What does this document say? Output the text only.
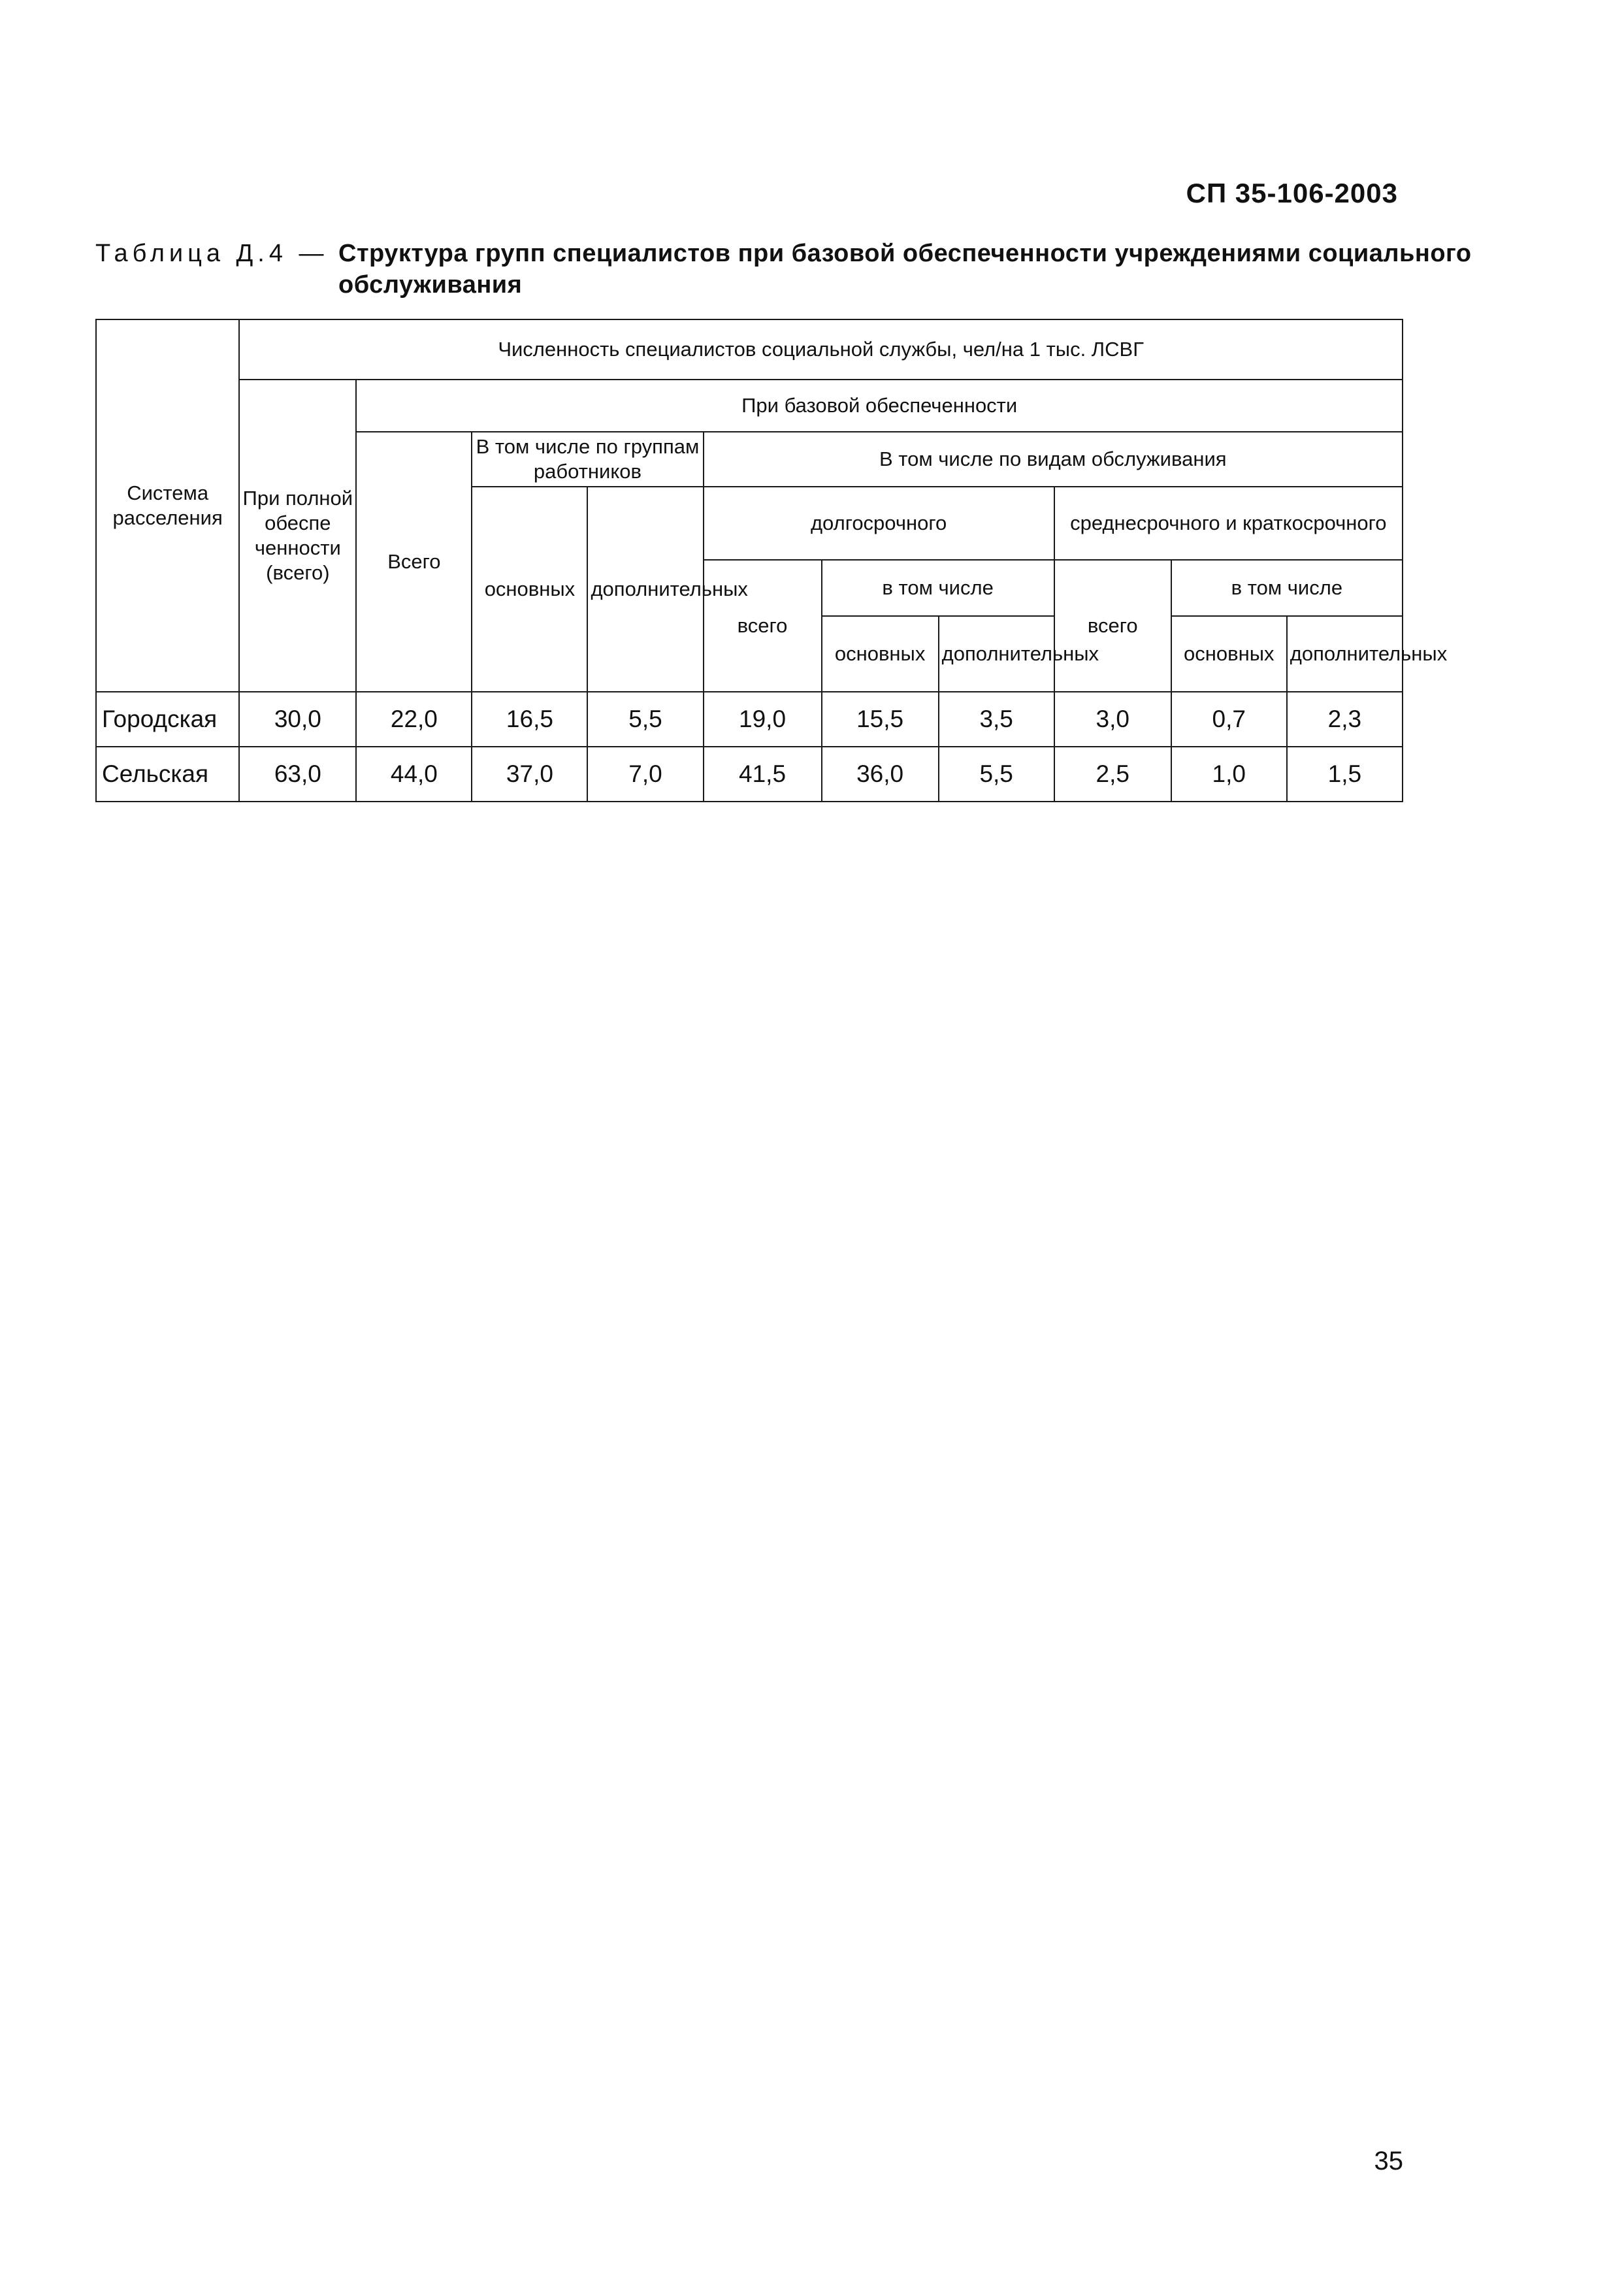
СП 35-106-2003
Таблица Д.4 — Структура групп специалистов при базовой обеспеченности учреждениями социального обслуживания
Система расселения	Численность специалистов социальной службы, чел/на 1 тыс. ЛСВГ									
	При полной обеспе ченности (всего)	При базовой обеспеченности								
		Всего	В том числе по группам работников		В том числе по видам обслуживания					
			основных	дополнительных	долгосрочного			среднесрочного и краткосрочного		
					всего	в том числе		всего	в том числе	
						основных	дополнительных		основных	дополнительных
Городская	30,0	22,0	16,5	5,5	19,0	15,5	3,5	3,0	0,7	2,3
Сельская	63,0	44,0	37,0	7,0	41,5	36,0	5,5	2,5	1,0	1,5
35
